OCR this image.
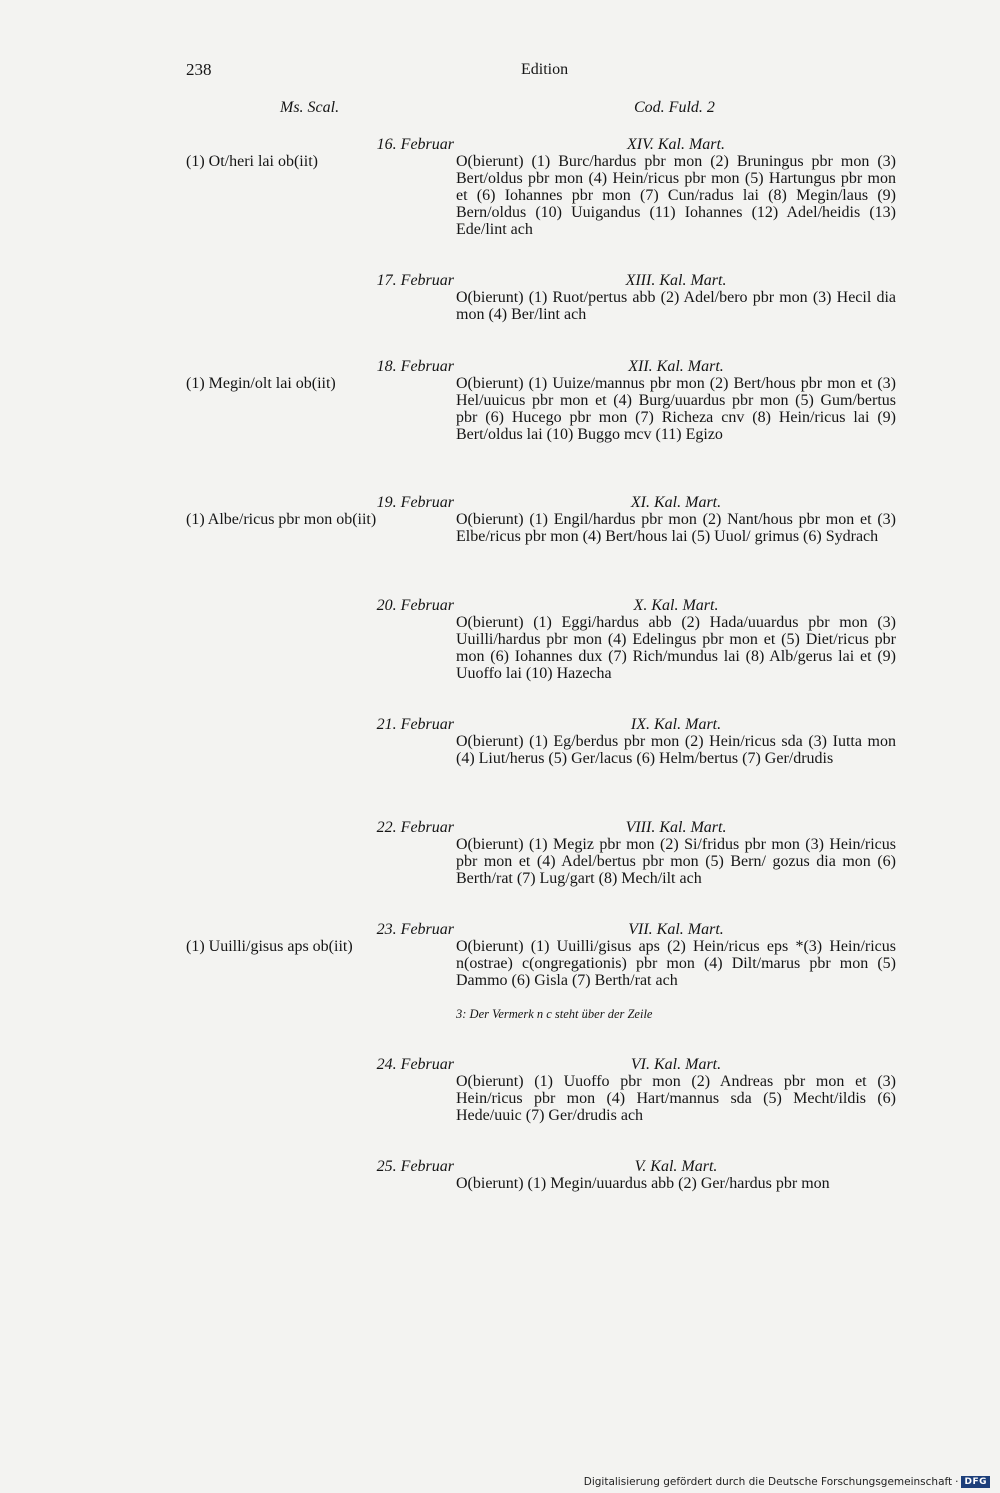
238	Edition
Ms. Scal.	Cod. Fuld. 2
16. Februar	XIV. Kal. Mart.
(1) Ot/heri lai ob(iit)	O(bierunt) (1) Burc/hardus pbr mon (2) Bruningus pbr mon (3) Bert/oldus pbr mon (4) Hein/ricus pbr mon (5) Hartungus pbr mon et (6) Iohannes pbr mon (7) Cun/radus lai (8) Megin/laus (9) Bern/oldus (10) Uuigandus (11) Iohannes (12) Adel/heidis (13) Ede/lint ach
17. Februar	XIII. Kal. Mart.
O(bierunt) (1) Ruot/pertus abb (2) Adel/bero pbr mon (3) Hecil dia mon (4) Ber/lint ach
18. Februar	XII. Kal. Mart.
(1) Megin/olt lai ob(iit)	O(bierunt) (1) Uuize/mannus pbr mon (2) Bert/hous pbr mon et (3) Hel/uuicus pbr mon et (4) Burg/uuardus pbr mon (5) Gum/bertus pbr (6) Hucego pbr mon (7) Richeza cnv (8) Hein/ricus lai (9) Bert/oldus lai (10) Buggo mcv (11) Egizo
19. Februar	XI. Kal. Mart.
(1) Albe/ricus pbr mon ob(iit)	O(bierunt) (1) Engil/hardus pbr mon (2) Nant/hous pbr mon et (3) Elbe/ricus pbr mon (4) Bert/hous lai (5) Uuol/ grimus (6) Sydrach
20. Februar	X. Kal. Mart.
O(bierunt) (1) Eggi/hardus abb (2) Hada/uuardus pbr mon (3) Uuilli/hardus pbr mon (4) Edelingus pbr mon et (5) Diet/ricus pbr mon (6) Iohannes dux (7) Rich/mundus lai (8) Alb/gerus lai et (9) Uuoffo lai (10) Hazecha
21. Februar	IX. Kal. Mart.
O(bierunt) (1) Eg/berdus pbr mon (2) Hein/ricus sda (3) Iutta mon (4) Liut/herus (5) Ger/lacus (6) Helm/bertus (7) Ger/drudis
22. Februar	VIII. Kal. Mart.
O(bierunt) (1) Megiz pbr mon (2) Si/fridus pbr mon (3) Hein/ricus pbr mon et (4) Adel/bertus pbr mon (5) Bern/ gozus dia mon (6) Berth/rat (7) Lug/gart (8) Mech/ilt ach
23. Februar	VII. Kal. Mart.
(1) Uuilli/gisus aps ob(iit)	O(bierunt) (1) Uuilli/gisus aps (2) Hein/ricus eps *(3) Hein/ricus n(ostrae) c(ongregationis) pbr mon (4) Dilt/marus pbr mon (5) Dammo (6) Gisla (7) Berth/rat ach
3: Der Vermerk n c steht über der Zeile
24. Februar	VI. Kal. Mart.
O(bierunt) (1) Uuoffo pbr mon (2) Andreas pbr mon et (3) Hein/ricus pbr mon (4) Hart/mannus sda (5) Mecht/ildis (6) Hede/uuic (7) Ger/drudis ach
25. Februar	V. Kal. Mart.
O(bierunt) (1) Megin/uuardus abb (2) Ger/hardus pbr mon
Digitalisierung gefördert durch die Deutsche Forschungsgemeinschaft · DFG
